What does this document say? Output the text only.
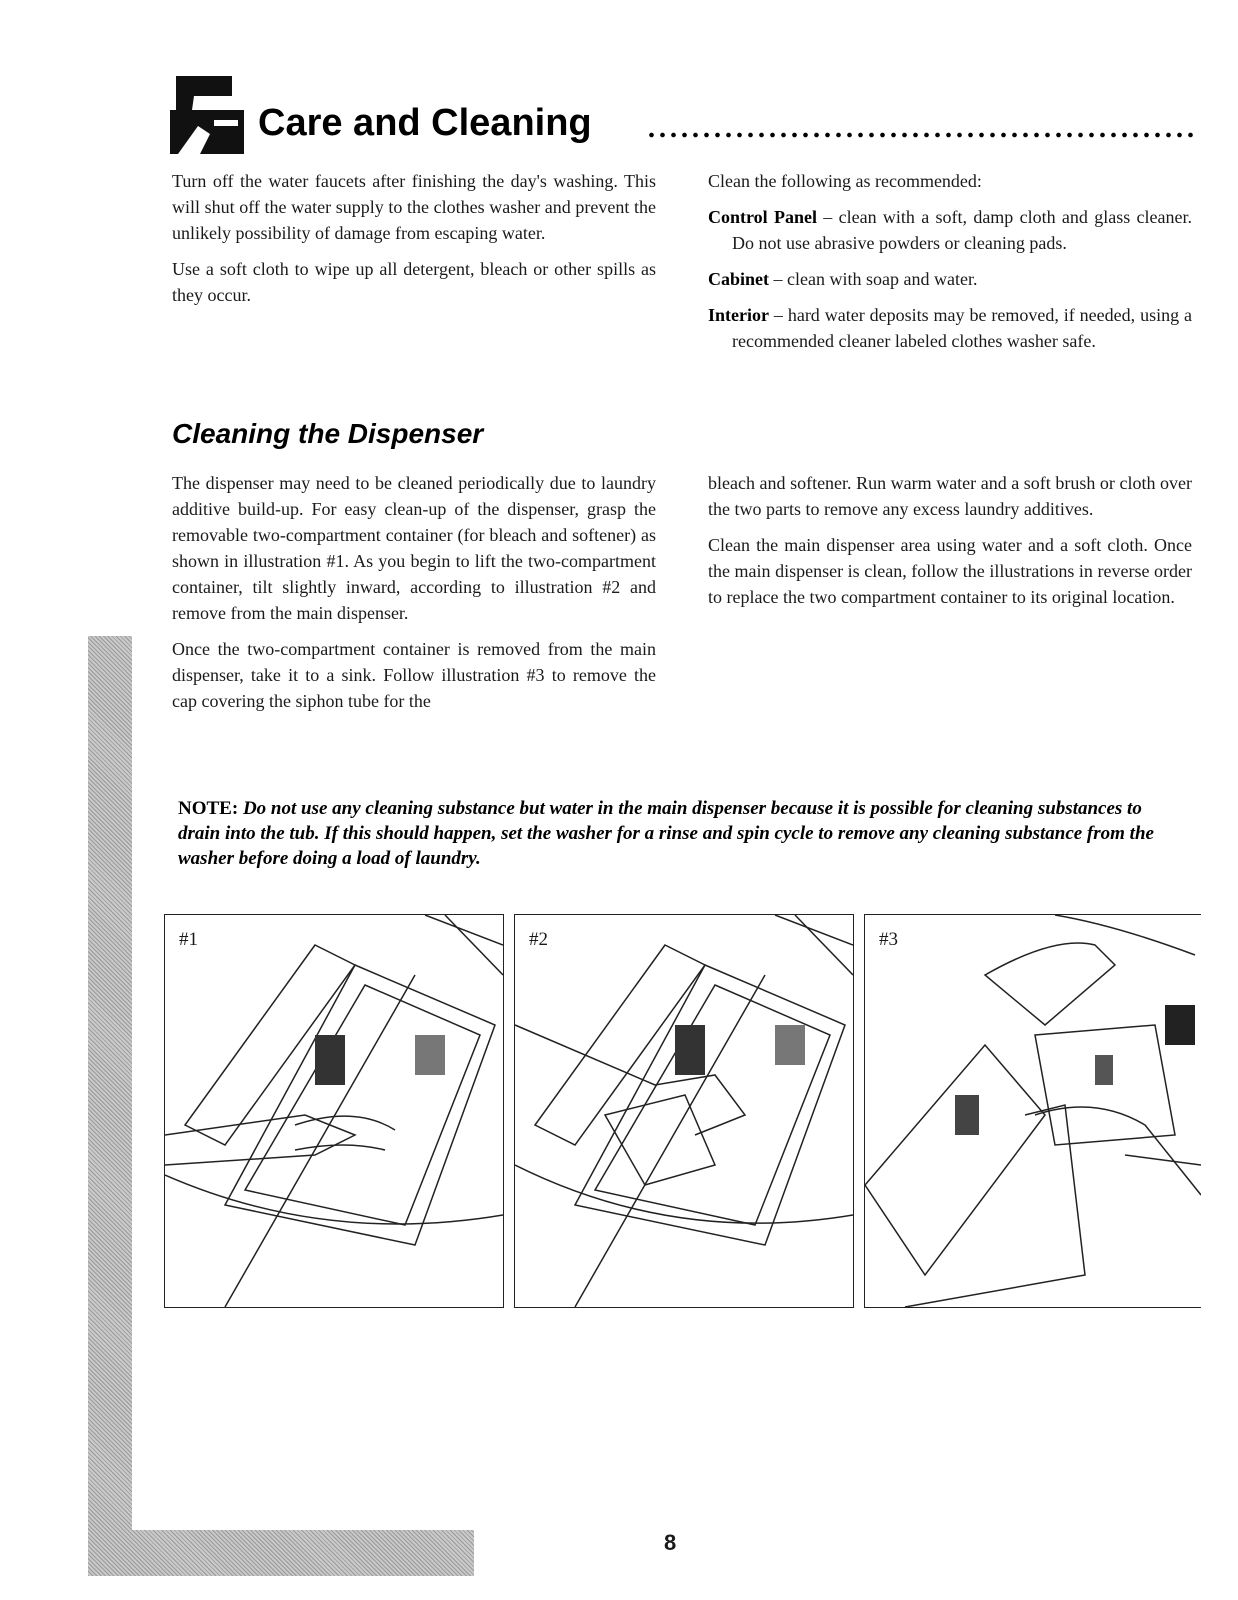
Care and Cleaning

Turn off the water faucets after finishing the day's washing. This will shut off the water supply to the clothes washer and prevent the unlikely possibility of damage from escaping water.

Use a soft cloth to wipe up all detergent, bleach or other spills as they occur.

Clean the following as recommended:

Control Panel – clean with a soft, damp cloth and glass cleaner. Do not use abrasive powders or cleaning pads.

Cabinet – clean with soap and water.

Interior – hard water deposits may be removed, if needed, using a recommended cleaner labeled clothes washer safe.

Cleaning the Dispenser

The dispenser may need to be cleaned periodically due to laundry additive build-up. For easy clean-up of the dispenser, grasp the removable two-compartment container (for bleach and softener) as shown in illustration #1. As you begin to lift the two-compartment container, tilt slightly inward, according to illustration #2 and remove from the main dispenser.

Once the two-compartment container is removed from the main dispenser, take it to a sink. Follow illustration #3 to remove the cap covering the siphon tube for the

bleach and softener. Run warm water and a soft brush or cloth over the two parts to remove any excess laundry additives.

Clean the main dispenser area using water and a soft cloth. Once the main dispenser is clean, follow the illustrations in reverse order to replace the two compartment container to its original location.

NOTE: Do not use any cleaning substance but water in the main dispenser because it is possible for cleaning substances to drain into the tub. If this should happen, set the washer for a rinse and spin cycle to remove any cleaning substance from the washer before doing a load of laundry.
#1	#2	#3
8
